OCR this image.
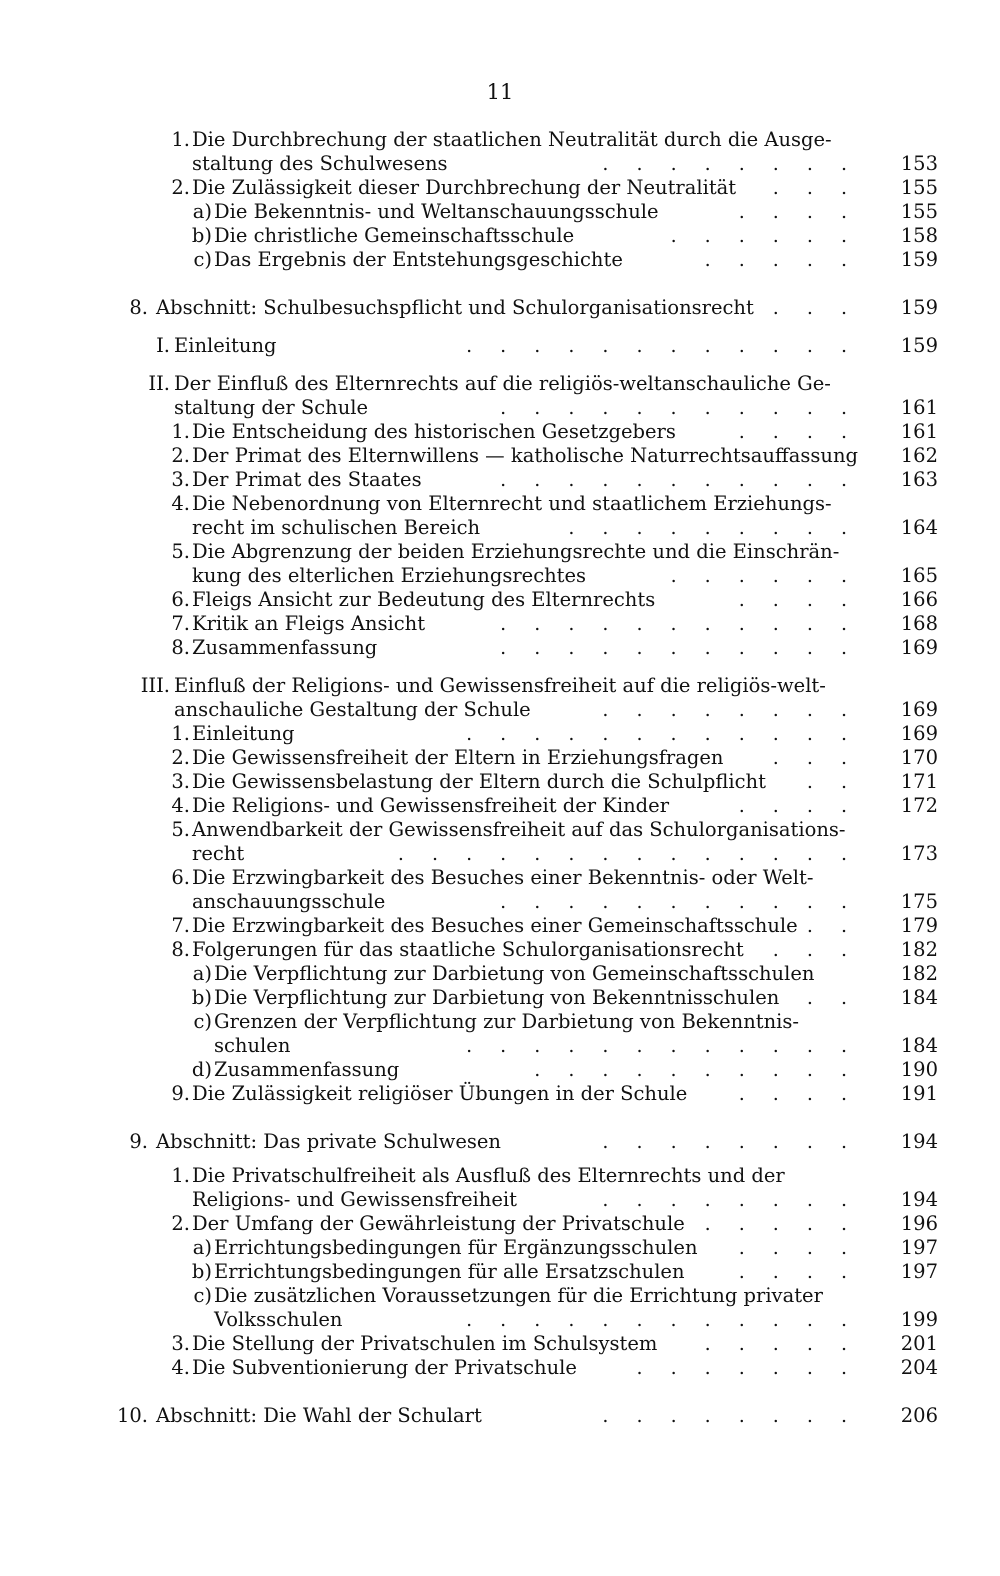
11
1. Die Durchbrechung der staatlichen Neutralität durch die Ausge-
staltung des Schulwesens	. . . . . . . .	153
2. Die Zulässigkeit dieser Durchbrechung der Neutralität . . .	155
a) Die Bekenntnis- und Weltanschauungsschule	. . . .	155
b) Die christliche Gemeinschaftsschule	. . . . . .	158
c) Das Ergebnis der Entstehungsgeschichte	. . . . .	159
8. Abschnitt: Schulbesuchspflicht und Schulorganisationsrecht . . .	159
I. Einleitung	. . . . . . . . . . . .	159
II. Der Einfluß des Elternrechts auf die religiös-weltanschauliche Ge-
staltung der Schule	. . . . . . . . . . .	161
1. Die Entscheidung des historischen Gesetzgebers	. . . .	161
2. Der Primat des Elternwillens — katholische Naturrechtsauffassung	162
3. Der Primat des Staates	. . . . . . . . . . .	163
4. Die Nebenordnung von Elternrecht und staatlichem Erziehungs-
recht im schulischen Bereich	. . . . . . . . .	164
5. Die Abgrenzung der beiden Erziehungsrechte und die Einschrän-
kung des elterlichen Erziehungsrechtes	. . . . . .	165
6. Fleigs Ansicht zur Bedeutung des Elternrechts	. . . .	166
7. Kritik an Fleigs Ansicht	. . . . . . . . . . .	168
8. Zusammenfassung	. . . . . . . . . . .	169
III. Einfluß der Religions- und Gewissensfreiheit auf die religiös-welt-
anschauliche Gestaltung der Schule	. . . . . . . .	169
1. Einleitung	. . . . . . . . . . . .	169
2. Die Gewissensfreiheit der Eltern in Erziehungsfragen	. . .	170
3. Die Gewissensbelastung der Eltern durch die Schulpflicht . .	171
4. Die Religions- und Gewissensfreiheit der Kinder	. . . .	172
5. Anwendbarkeit der Gewissensfreiheit auf das Schulorganisations-
recht	. . . . . . . . . . . . . .	173
6. Die Erzwingbarkeit des Besuches einer Bekenntnis- oder Welt-
anschauungsschule	. . . . . . . . . . .	175
7. Die Erzwingbarkeit des Besuches einer Gemeinschaftsschule . .	179
8. Folgerungen für das staatliche Schulorganisationsrecht . . .	182
a) Die Verpflichtung zur Darbietung von Gemeinschaftsschulen	182
b) Die Verpflichtung zur Darbietung von Bekenntnisschulen . .	184
c) Grenzen der Verpflichtung zur Darbietung von Bekenntnis-
schulen	. . . . . . . . . . . .	184
d) Zusammenfassung	. . . . . . . . . .	190
9. Die Zulässigkeit religiöser Übungen in der Schule	. . . .	191
9. Abschnitt: Das private Schulwesen	. . . . . . . .	194
1. Die Privatschulfreiheit als Ausfluß des Elternrechts und der
Religions- und Gewissensfreiheit	. . . . . . . .	194
2. Der Umfang der Gewährleistung der Privatschule . . . . .	196
a) Errichtungsbedingungen für Ergänzungsschulen . . . .	197
b) Errichtungsbedingungen für alle Ersatzschulen	. . . .	197
c) Die zusätzlichen Voraussetzungen für die Errichtung privater
Volksschulen	. . . . . . . . . . . .	199
3. Die Stellung der Privatschulen im Schulsystem . . . . .	201
4. Die Subventionierung der Privatschule	. . . . . . .	204
10. Abschnitt: Die Wahl der Schulart	. . . . . . . .	206
